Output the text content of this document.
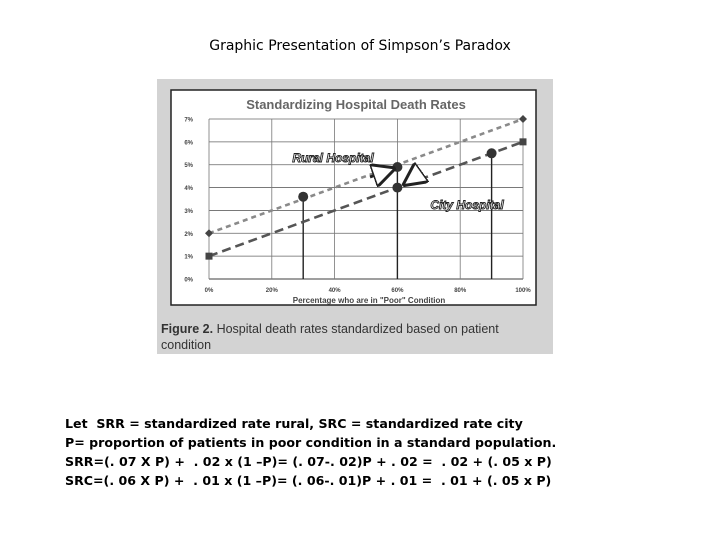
Graphic Presentation of Simpson’s Paradox
Standardizing Hospital Death Rates
0%
1%
2%
3%
4%
5%
6%
7%
0%	20%	40%	60%	80%	100%
Percentage who are in "Poor" Condition
Rural Hospital
City Hospital
Figure 2. Hospital death rates standardized based on patient
condition
Let  SRR = standardized rate rural, SRC = standardized rate city
P= proportion of patients in poor condition in a standard population.
SRR=(. 07 X P) +  . 02 x (1 –P)= (. 07-. 02)P + . 02 =  . 02 + (. 05 x P)
SRC=(. 06 X P) +  . 01 x (1 –P)= (. 06-. 01)P + . 01 =  . 01 + (. 05 x P)
